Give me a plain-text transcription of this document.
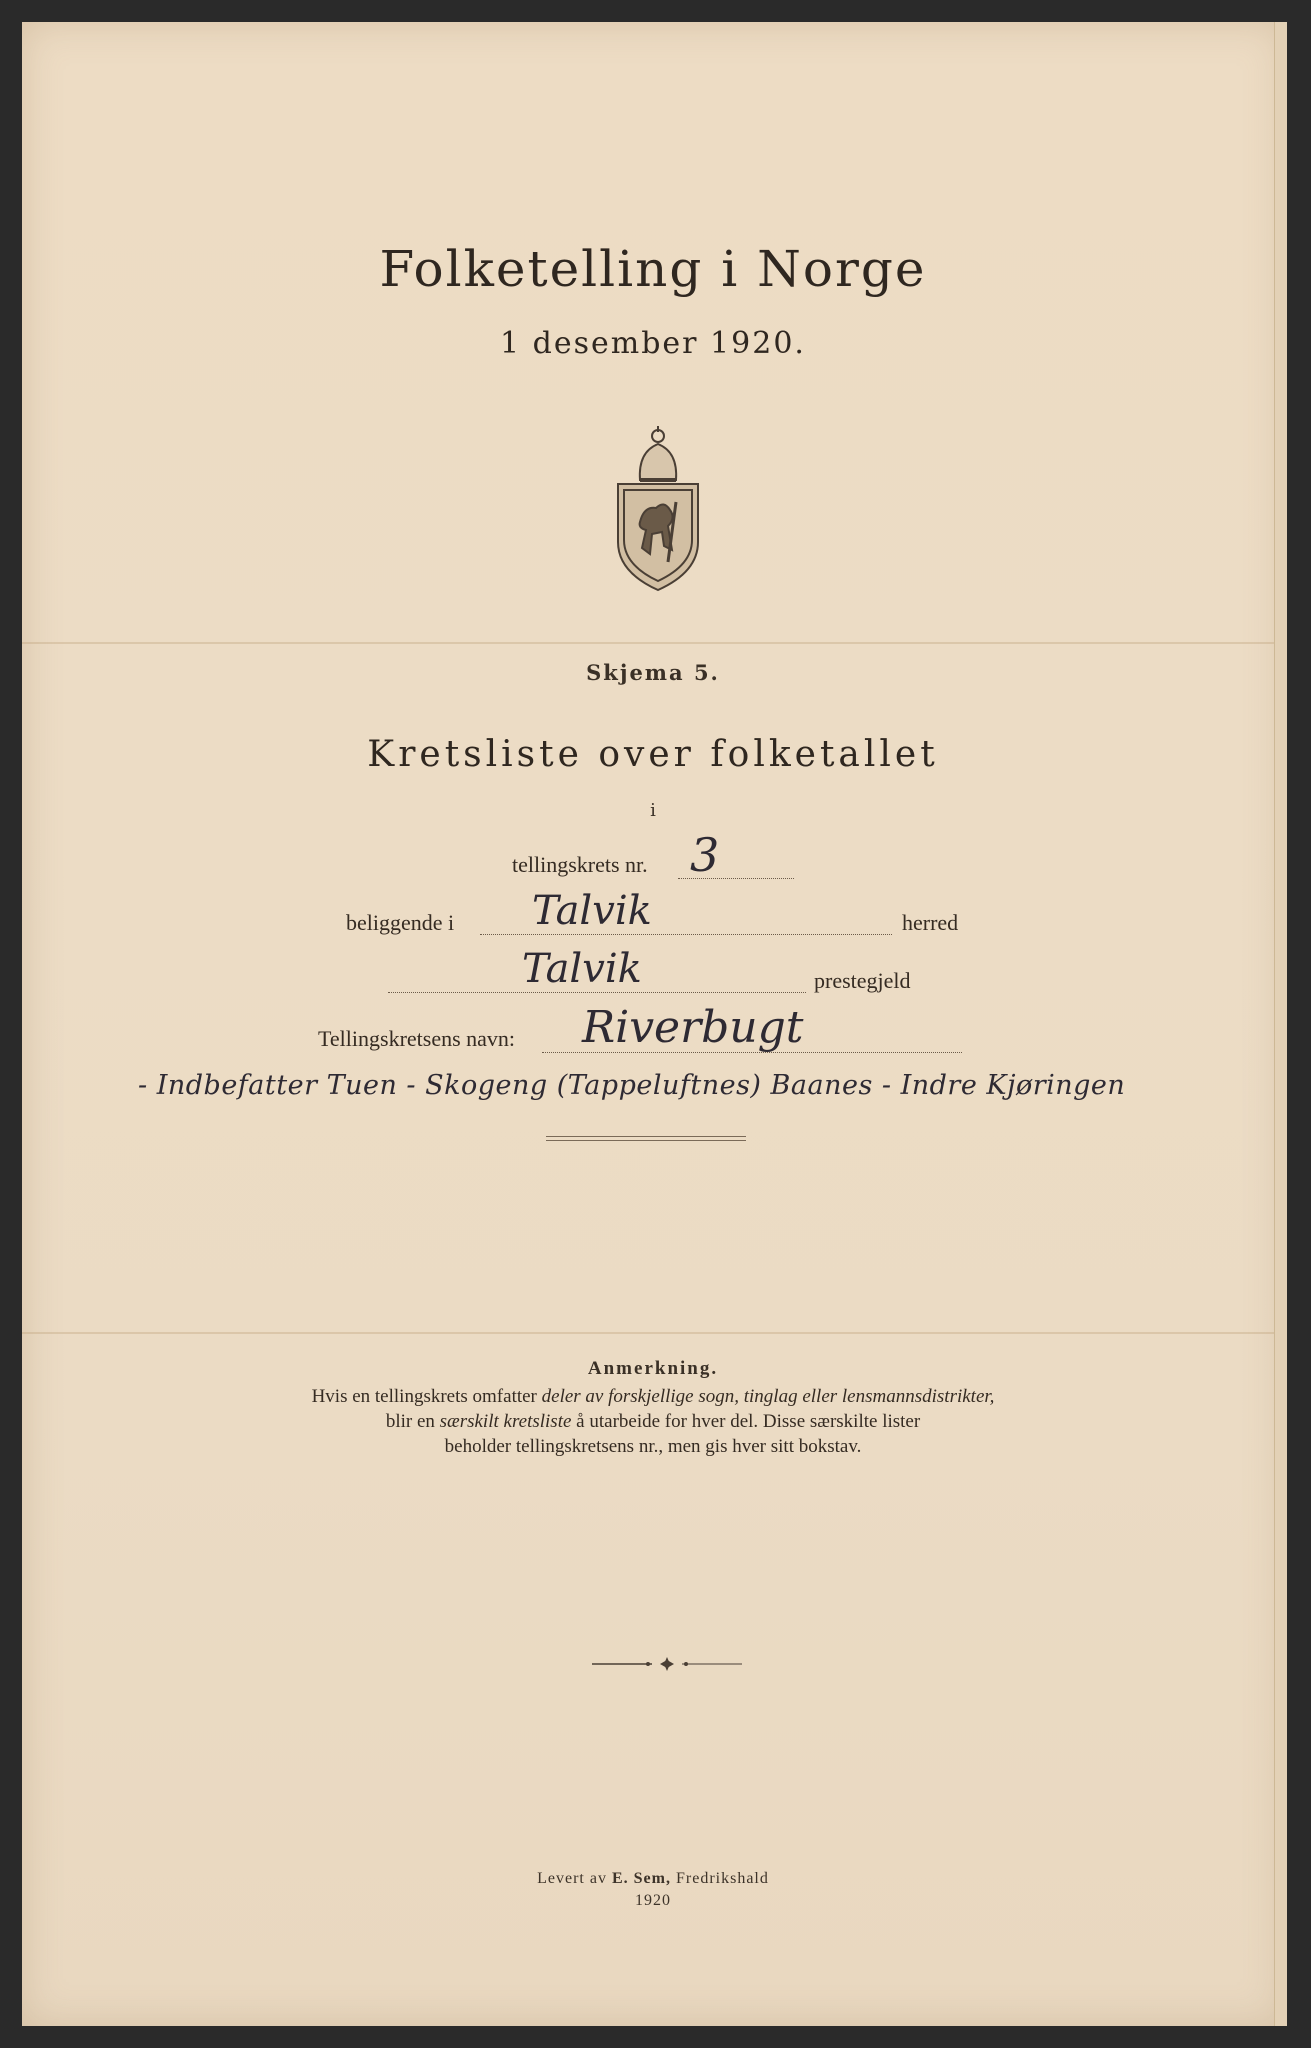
Folketelling i Norge
1 desember 1920.
Skjema 5.
Kretsliste over folketallet
i
tellingskrets nr. 3
beliggende i Talvik	herred
Talvik	prestegjeld
Tellingskretsens navn: Riverbugt
- Indbefatter Tuen - Skogeng (Tappeluftnes) Baanes - Indre Kjøringen
Anmerkning.
Hvis en tellingskrets omfatter deler av forskjellige sogn, tinglag eller lensmannsdistrikter,
blir en særskilt kretsliste å utarbeide for hver del. Disse særskilte lister
beholder tellingskretsens nr., men gis hver sitt bokstav.
Levert av E. Sem, Fredrikshald
1920
